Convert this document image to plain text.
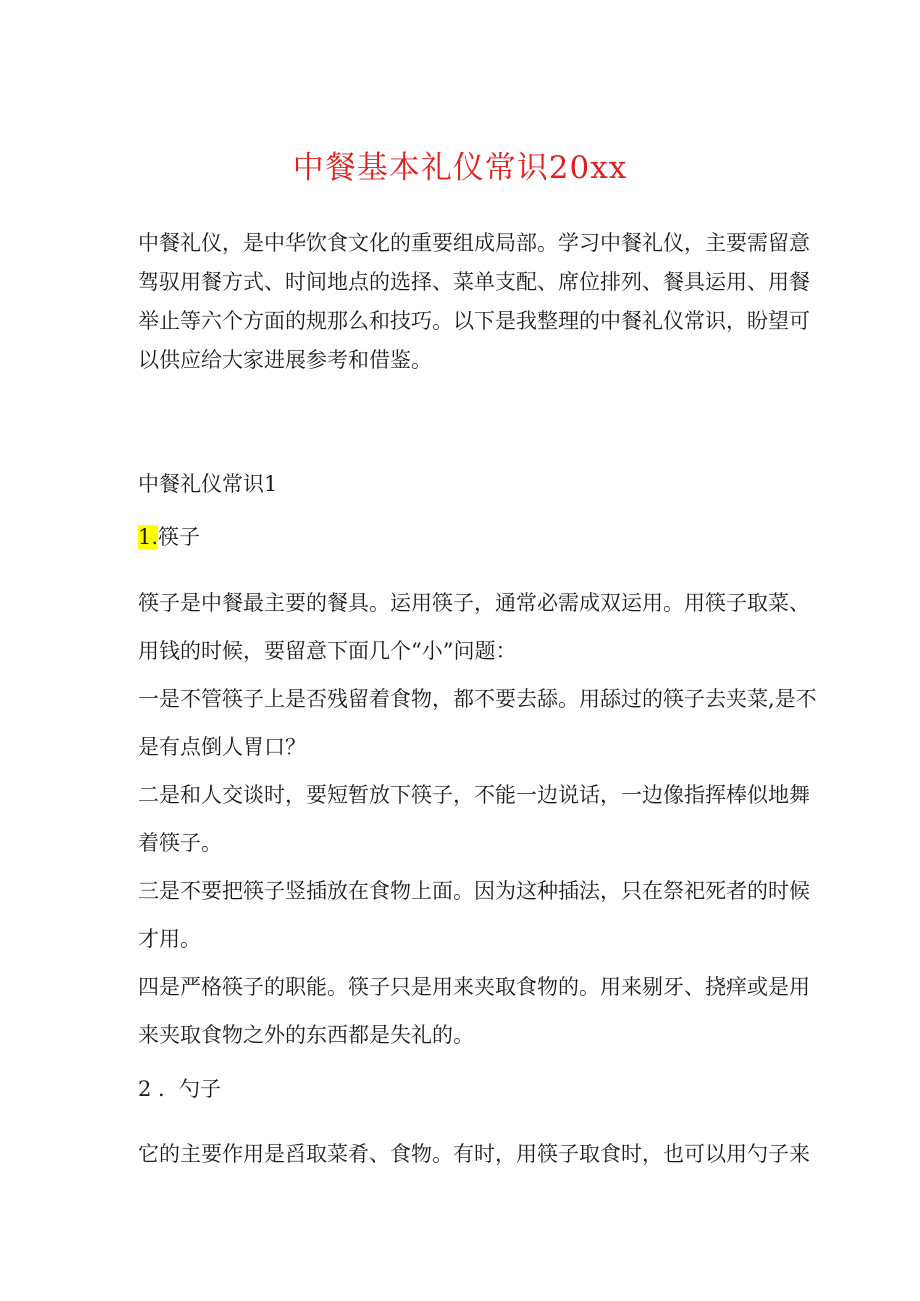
中餐基本礼仪常识20xx
中餐礼仪，是中华饮食文化的重要组成局部。学习中餐礼仪，主要需留意
驾驭用餐方式、时间地点的选择、菜单支配、席位排列、餐具运用、用餐
举止等六个方面的规那么和技巧。以下是我整理的中餐礼仪常识，盼望可
以供应给大家进展参考和借鉴。
中餐礼仪常识1
1.筷子
筷子是中餐最主要的餐具。运用筷子，通常必需成双运用。用筷子取菜、
用钱的时候，要留意下面几个“小”问题：
一是不管筷子上是否残留着食物，都不要去舔。用舔过的筷子去夹菜,是不
是有点倒人胃口？
二是和人交谈时，要短暂放下筷子，不能一边说话，一边像指挥棒似地舞
着筷子。
三是不要把筷子竖插放在食物上面。因为这种插法，只在祭祀死者的时候
才用。
四是严格筷子的职能。筷子只是用来夹取食物的。用来剔牙、挠痒或是用
来夹取食物之外的东西都是失礼的。
2 ．勺子
它的主要作用是舀取菜肴、食物。有时，用筷子取食时，也可以用勺子来
